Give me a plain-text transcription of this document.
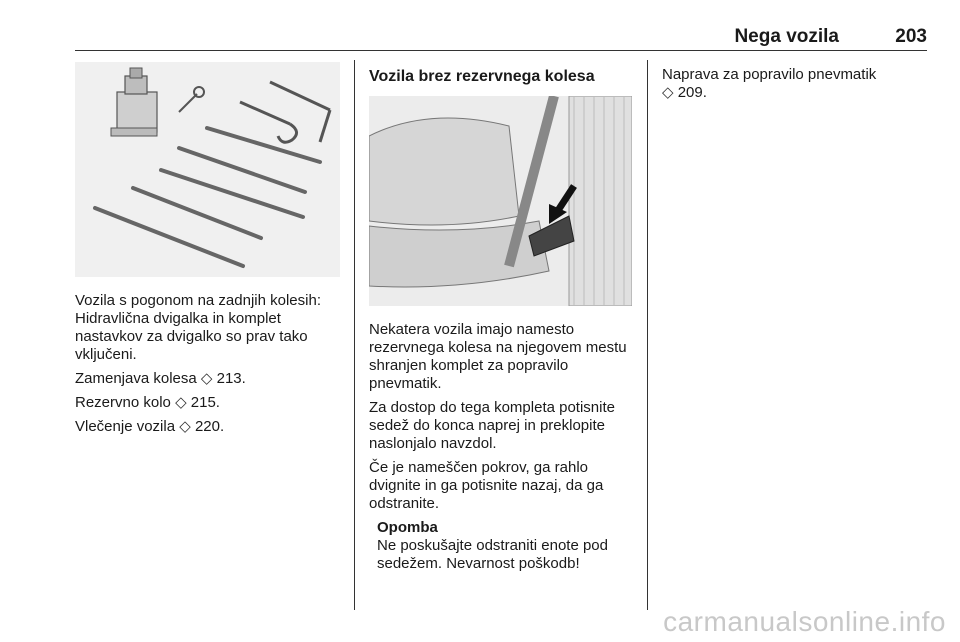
Nega vozila	203

Vozila s pogonom na zadnjih kolesih: Hidravlična dvigalka in komplet nastavkov za dvigalko so prav tako vključeni.

Zamenjava kolesa ◇ 213.

Rezervno kolo ◇ 215.

Vlečenje vozila ◇ 220.

Vozila brez rezervnega kolesa

Nekatera vozila imajo namesto rezervnega kolesa na njegovem mestu shranjen komplet za popravilo pnevmatik.

Za dostop do tega kompleta potisnite sedež do konca naprej in preklopite naslonjalo navzdol.

Če je nameščen pokrov, ga rahlo dvignite in ga potisnite nazaj, da ga odstranite.

Opomba
Ne poskušajte odstraniti enote pod sedežem. Nevarnost poškodb!

Naprava za popravilo pnevmatik
◇ 209.

carmanualsonline.info
